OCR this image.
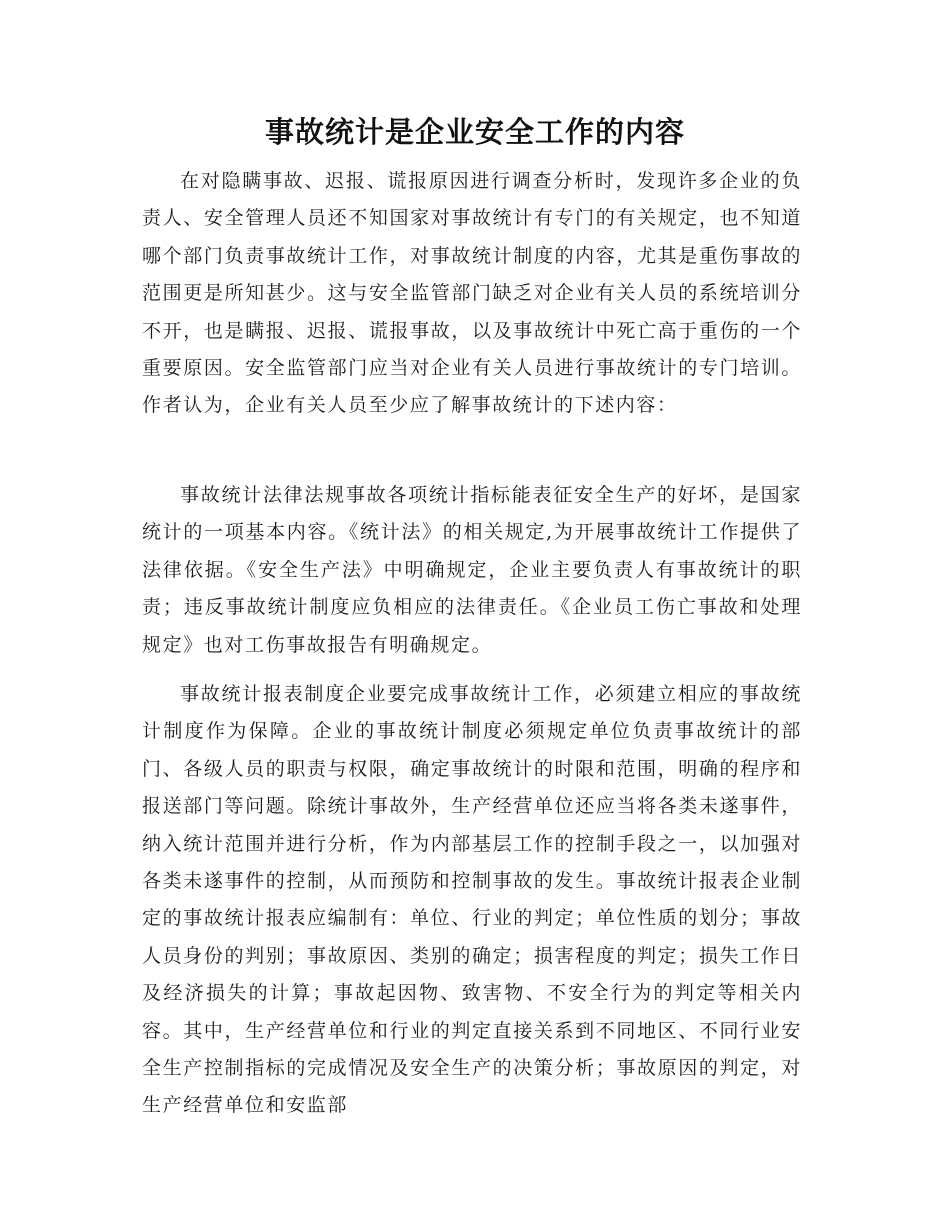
事故统计是企业安全工作的内容

在对隐瞒事故、迟报、谎报原因进行调查分析时，发现许多企业的负责人、安全管理人员还不知国家对事故统计有专门的有关规定，也不知道哪个部门负责事故统计工作，对事故统计制度的内容，尤其是重伤事故的范围更是所知甚少。这与安全监管部门缺乏对企业有关人员的系统培训分不开，也是瞒报、迟报、谎报事故，以及事故统计中死亡高于重伤的一个重要原因。安全监管部门应当对企业有关人员进行事故统计的专门培训。作者认为，企业有关人员至少应了解事故统计的下述内容：

事故统计法律法规事故各项统计指标能表征安全生产的好坏，是国家统计的一项基本内容。《统计法》的相关规定,为开展事故统计工作提供了法律依据。《安全生产法》中明确规定，企业主要负责人有事故统计的职责；违反事故统计制度应负相应的法律责任。《企业员工伤亡事故和处理规定》也对工伤事故报告有明确规定。

事故统计报表制度企业要完成事故统计工作，必须建立相应的事故统计制度作为保障。企业的事故统计制度必须规定单位负责事故统计的部门、各级人员的职责与权限，确定事故统计的时限和范围，明确的程序和报送部门等问题。除统计事故外，生产经营单位还应当将各类未遂事件，纳入统计范围并进行分析，作为内部基层工作的控制手段之一，以加强对各类未遂事件的控制，从而预防和控制事故的发生。事故统计报表企业制定的事故统计报表应编制有：单位、行业的判定；单位性质的划分；事故人员身份的判别；事故原因、类别的确定；损害程度的判定；损失工作日及经济损失的计算；事故起因物、致害物、不安全行为的判定等相关内容。其中，生产经营单位和行业的判定直接关系到不同地区、不同行业安全生产控制指标的完成情况及安全生产的决策分析；事故原因的判定，对生产经营单位和安监部
